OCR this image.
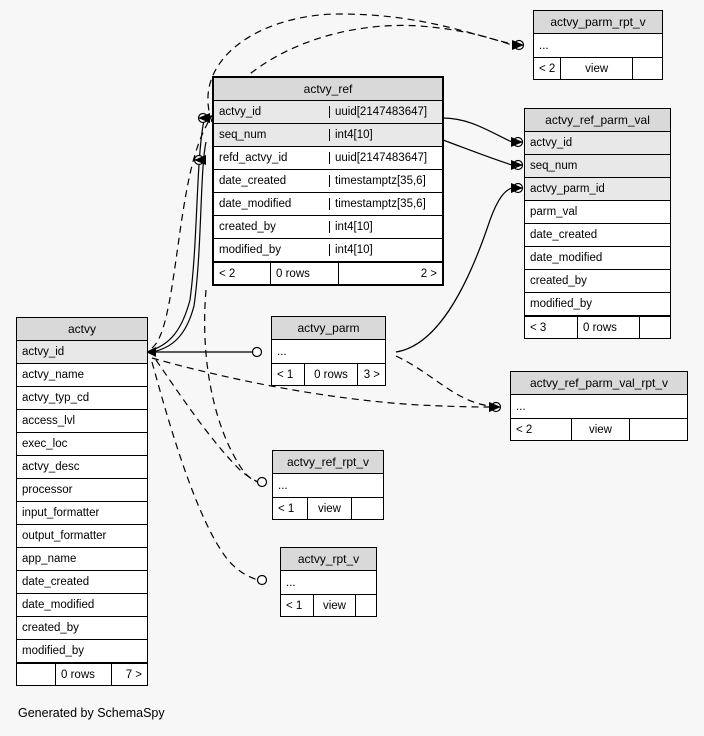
actvy_parm_rpt_v
...
< 2	view
actvy_ref
actvy_id	uuid[2147483647]
seq_num	int4[10]
refd_actvy_id	uuid[2147483647]
date_created	timestamptz[35,6]
date_modified	timestamptz[35,6]
created_by	int4[10]
modified_by	int4[10]
< 2	0 rows	2 >
actvy_ref_parm_val
actvy_id
seq_num
actvy_parm_id
parm_val
date_created
date_modified
created_by
modified_by
< 3	0 rows
actvy
actvy_id
actvy_name
actvy_typ_cd
access_lvl
exec_loc
actvy_desc
processor
input_formatter
output_formatter
app_name
date_created
date_modified
created_by
modified_by
0 rows	7 >
actvy_parm
...
< 1	0 rows	3 >
actvy_ref_parm_val_rpt_v
...
< 2	view
actvy_ref_rpt_v
...
< 1	view
actvy_rpt_v
...
< 1	view
Generated by SchemaSpy
